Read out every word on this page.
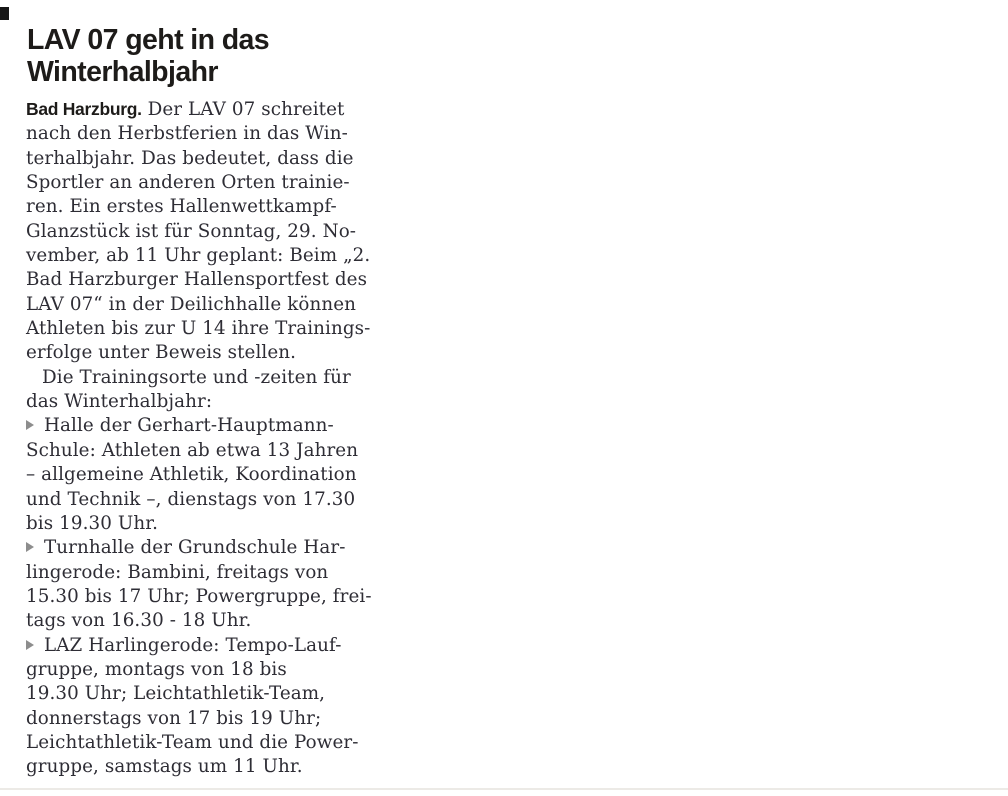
LAV 07 geht in das
Winterhalbjahr
Bad Harzburg. Der LAV 07 schreitet
nach den Herbstferien in das Win-
terhalbjahr. Das bedeutet, dass die
Sportler an anderen Orten trainie-
ren. Ein erstes Hallenwettkampf-
Glanzstück ist für Sonntag, 29. No-
vember, ab 11 Uhr geplant: Beim „2.
Bad Harzburger Hallensportfest des
LAV 07“ in der Deilichhalle können
Athleten bis zur U 14 ihre Trainings-
erfolge unter Beweis stellen.
Die Trainingsorte und -zeiten für
das Winterhalbjahr:
Halle der Gerhart-Hauptmann-
Schule: Athleten ab etwa 13 Jahren
– allgemeine Athletik, Koordination
und Technik –, dienstags von 17.30
bis 19.30 Uhr.
Turnhalle der Grundschule Har-
lingerode: Bambini, freitags von
15.30 bis 17 Uhr; Powergruppe, frei-
tags von 16.30 - 18 Uhr.
LAZ Harlingerode: Tempo-Lauf-
gruppe, montags von 18 bis
19.30 Uhr; Leichtathletik-Team,
donnerstags von 17 bis 19 Uhr;
Leichtathletik-Team und die Power-
gruppe, samstags um 11 Uhr.
